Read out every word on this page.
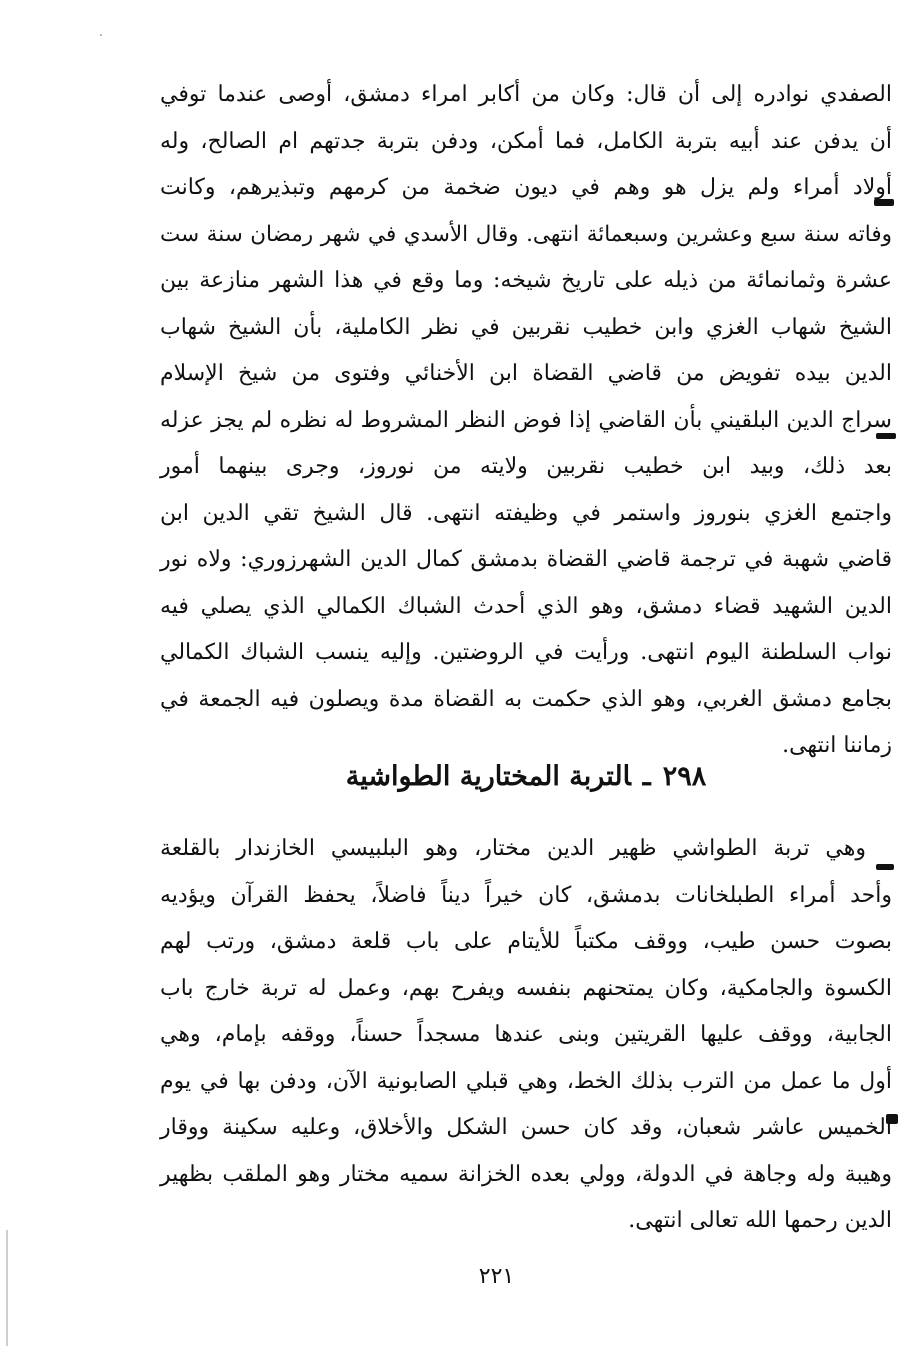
الصفدي نوادره إلى أن قال: وكان من أكابر امراء دمشق، أوصى عندما توفي
أن يدفن عند أبيه بتربة الكامل، فما أمكن، ودفن بتربة جدتهم ام الصالح، وله
أولاد أمراء ولم يزل هو وهم في ديون ضخمة من كرمهم وتبذيرهم، وكانت
وفاته سنة سبع وعشرين وسبعمائة انتهى. وقال الأسدي في شهر رمضان سنة ست
عشرة وثمانمائة من ذيله على تاريخ شيخه: وما وقع في هذا الشهر منازعة بين
الشيخ شهاب الغزي وابن خطيب نقربين في نظر الكاملية، بأن الشيخ شهاب
الدين بيده تفويض من قاضي القضاة ابن الأخنائي وفتوى من شيخ الإسلام
سراج الدين البلقيني بأن القاضي إذا فوض النظر المشروط له نظره لم يجز عزله
بعد ذلك، وبيد ابن خطيب نقربين ولايته من نوروز، وجرى بينهما أمور
واجتمع الغزي بنوروز واستمر في وظيفته انتهى. قال الشيخ تقي الدين ابن
قاضي شهبة في ترجمة قاضي القضاة بدمشق كمال الدين الشهرزوري: ولاه نور
الدين الشهيد قضاء دمشق، وهو الذي أحدث الشباك الكمالي الذي يصلي فيه
نواب السلطنة اليوم انتهى. ورأيت في الروضتين. وإليه ينسب الشباك الكمالي
بجامع دمشق الغربي، وهو الذي حكمت به القضاة مدة ويصلون فيه الجمعة في
زماننا انتهى.
٢٩٨ـالتربة المختارية الطواشية
وهي تربة الطواشي ظهير الدين مختار، وهو البلبيسي الخازندار بالقلعة
وأحد أمراء الطبلخانات بدمشق، كان خيراً ديناً فاضلاً، يحفظ القرآن ويؤديه
بصوت حسن طيب، ووقف مكتباً للأيتام على باب قلعة دمشق، ورتب لهم
الكسوة والجامكية، وكان يمتحنهم بنفسه ويفرح بهم، وعمل له تربة خارج باب
الجابية، ووقف عليها القريتين وبنى عندها مسجداً حسناً، ووقفه بإمام، وهي
أول ما عمل من الترب بذلك الخط، وهي قبلي الصابونية الآن، ودفن بها في يوم
الخميس عاشر شعبان، وقد كان حسن الشكل والأخلاق، وعليه سكينة ووقار
وهيبة وله وجاهة في الدولة، وولي بعده الخزانة سميه مختار وهو الملقب بظهير
الدين رحمها الله تعالى انتهى.
٢٢١
